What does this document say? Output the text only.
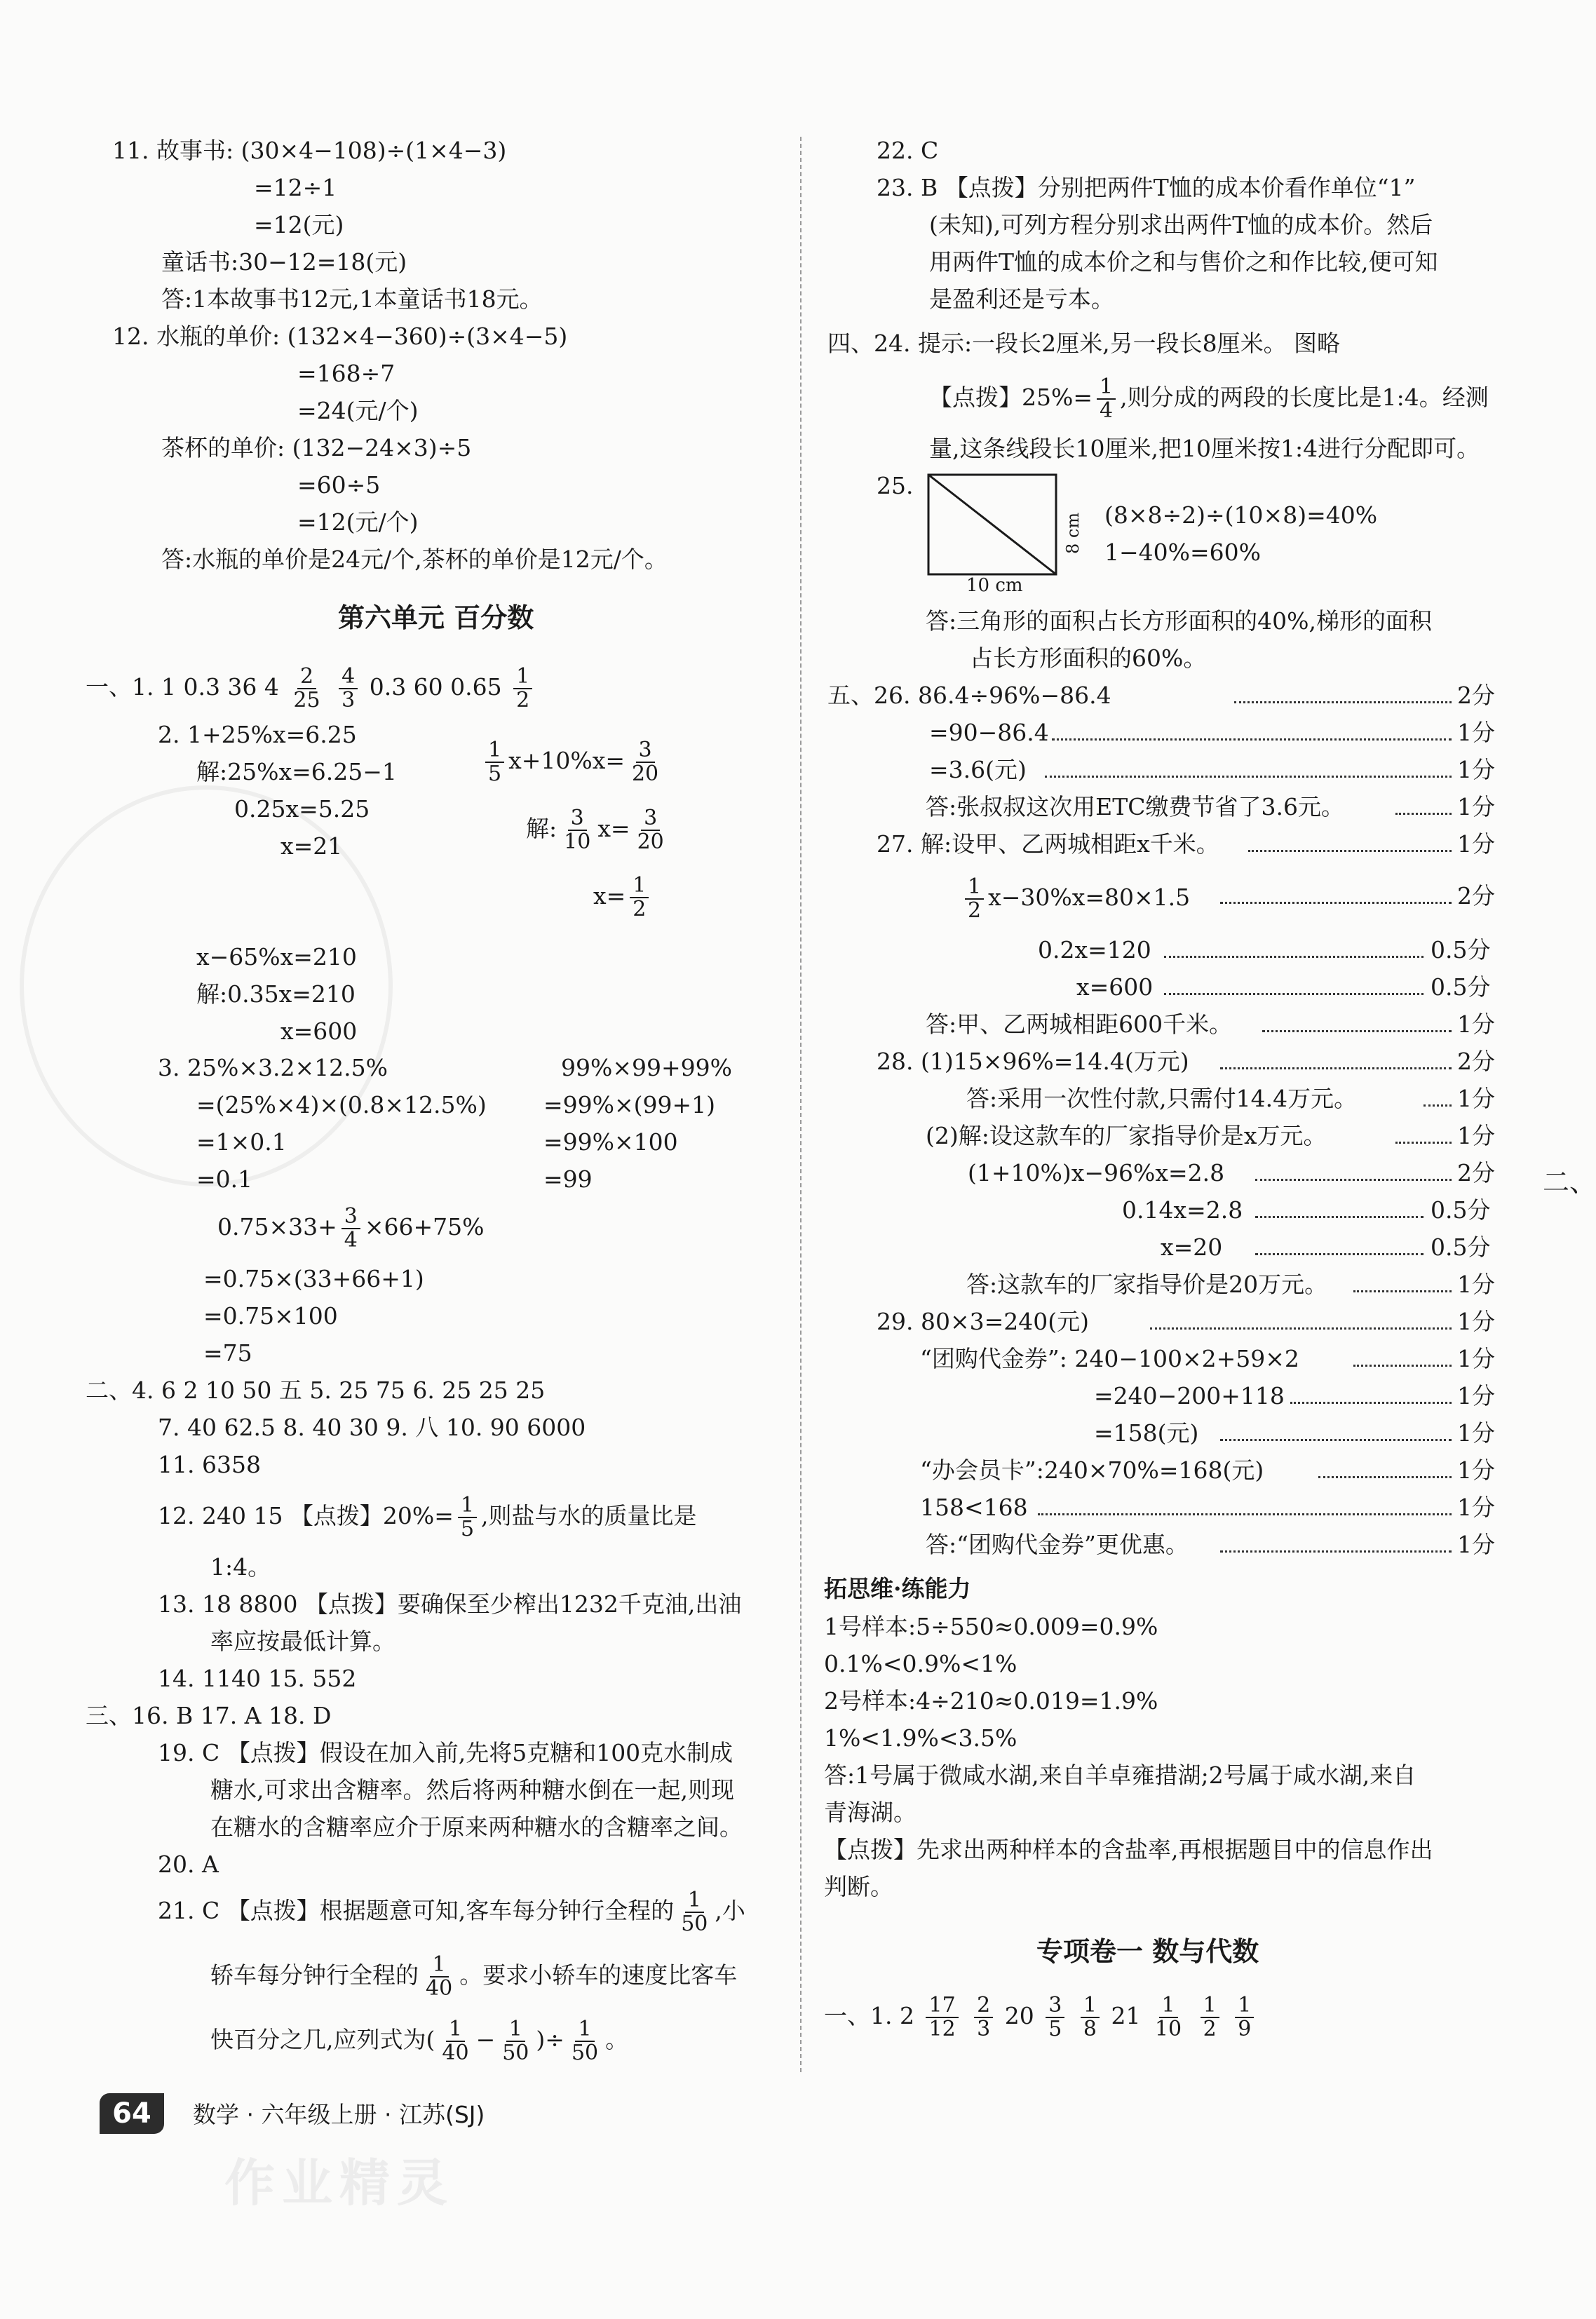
11. 故事书: (30×4−108)÷(1×4−3)
=12÷1
=12(元)
童话书:30−12=18(元)
答:1本故事书12元,1本童话书18元。
12. 水瓶的单价: (132×4−360)÷(3×4−5)
=168÷7
=24(元/个)
茶杯的单价: (132−24×3)÷5
=60÷5
=12(元/个)
答:水瓶的单价是24元/个,茶杯的单价是12元/个。
第六单元 百分数
一、1. 1 0.3 36 $4 \frac{2}{25}$
$\frac{4}{3} 0.3$ 60 $0.65 \frac{1}{2}$
2. 1+25%x=6.25
解:25%x=6.25−1
0.25x=5.25
x=21
$\frac{1}{5} x+10\%x= \frac{3}{20}$
解: $\frac{3}{10} x= \frac{3}{20}$
$x= \frac{1}{2}$
x−65%x=210
解:0.35x=210
x=600
3. 25%×3.2×12.5%
=(25%×4)×(0.8×12.5%)
=1×0.1
=0.1
99%×99+99%
=99%×(99+1)
=99%×100
=99
$0.75\times 33+ \frac{3}{4} \times 66+75\%$
=0.75×(33+66+1)
=0.75×100
=75
二、4. 6 2 10 50 五 5. 25 75 6. 25 25 25
7. 40 62.5 8. 40 30 9. 八 10. 90 6000
11. 6358
12. 240 15 【点拨】$20\%= \frac{1}{5}$ ,则盐与水的质量比是
1:4。
13. 18 8800 【点拨】要确保至少榨出1232千克油,出油
率应按最低计算。
14. 1140 15. 552
三、16. B 17. A 18. D
19. C 【点拨】假设在加入前,先将5克糖和100克水制成
糖水,可求出含糖率。然后将两种糖水倒在一起,则现
在糖水的含糖率应介于原来两种糖水的含糖率之间。
20. A
21. C 【点拨】根据题意可知,客车每分钟行全程的 $\frac{1}{50}$ ,小
轿车每分钟行全程的 $\frac{1}{40}$ 。要求小轿车的速度比客车
快百分之几,应列式为( $\frac{1}{40} - \frac{1}{50}$ )÷ $\frac{1}{50}$ 。
22. C
23. B 【点拨】分别把两件T恤的成本价看作单位“1”
(未知),可列方程分别求出两件T恤的成本价。然后
用两件T恤的成本价之和与售价之和作比较,便可知
是盈利还是亏本。
四、24. 提示:一段长2厘米,另一段长8厘米。 图略
【点拨】$25\%= \frac{1}{4}$ ,则分成的两段的长度比是1:4。经测
量,这条线段长10厘米,把10厘米按1:4进行分配即可。
25.
8 cm
10 cm
(8×8÷2)÷(10×8)=40%
1−40%=60%
答:三角形的面积占长方形面积的40%,梯形的面积
占长方形面积的60%。
五、26. 86.4÷96%−86.4	2分
=90−86.4	1分
=3.6(元)	1分
答:张叔叔这次用ETC缴费节省了3.6元。	1分
27. 解:设甲、乙两城相距x千米。	1分
$\frac{1}{2} x-30\%x=80\times 1.5$	2分
0.2x=120	0.5分
x=600	0.5分
答:甲、乙两城相距600千米。	1分
28. (1)15×96%=14.4(万元)	2分
答:采用一次性付款,只需付14.4万元。	1分
(2)解:设这款车的厂家指导价是x万元。	1分
(1+10%)x−96%x=2.8	2分
0.14x=2.8	0.5分
x=20	0.5分
答:这款车的厂家指导价是20万元。	1分
29. 80×3=240(元)	1分
“团购代金券”: 240−100×2+59×2	1分
=240−200+118	1分
=158(元)	1分
“办会员卡”:240×70%=168(元)	1分
158<168	1分
答:“团购代金券”更优惠。	1分
拓思维·练能力
1号样本:5÷550≈0.009=0.9%
0.1%<0.9%<1%
2号样本:4÷210≈0.019=1.9%
1%<1.9%<3.5%
答:1号属于微咸水湖,来自羊卓雍措湖;2号属于咸水湖,来自
青海湖。
【点拨】先求出两种样本的含盐率,再根据题目中的信息作出
判断。
专项卷一 数与代数
一、1. $2 \frac{17}{12}$
$\frac{2}{3} 20 \frac{3}{5}$
$\frac{1}{8} 21 \frac{1}{10}$
$\frac{1}{2}$
$\frac{1}{9}$
二、
64	数学 · 六年级上册 · 江苏(SJ)
作业精灵
